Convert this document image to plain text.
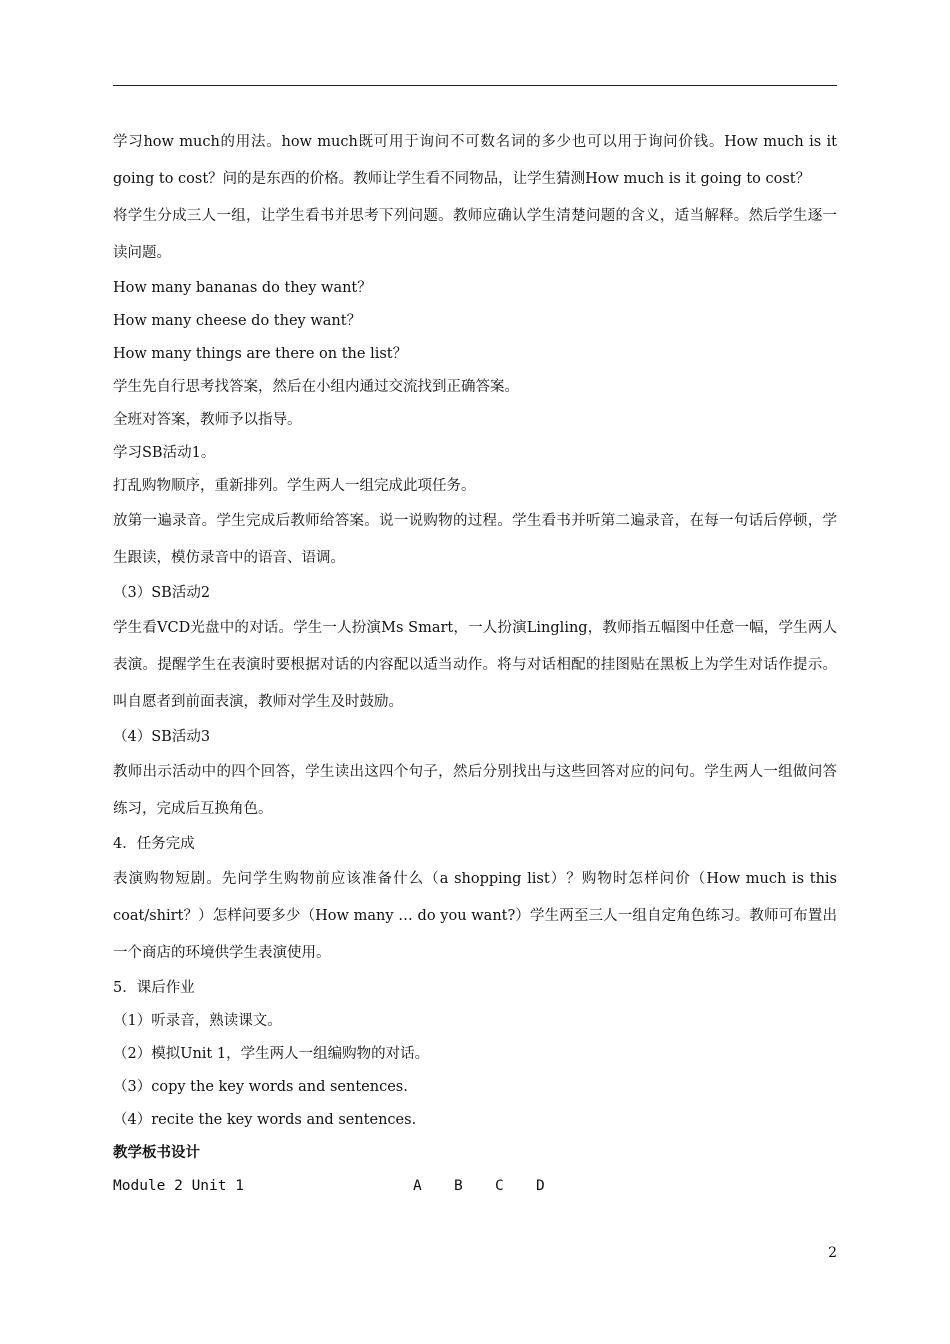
学习how much的用法。how much既可用于询问不可数名词的多少也可以用于询问价钱。How much is it going to cost？问的是东西的价格。教师让学生看不同物品，让学生猜测How much is it going to cost？

将学生分成三人一组，让学生看书并思考下列问题。教师应确认学生清楚问题的含义，适当解释。然后学生逐一读问题。

How many bananas do they want？

How many cheese do they want？

How many things are there on the list？

学生先自行思考找答案，然后在小组内通过交流找到正确答案。

全班对答案，教师予以指导。

学习SB活动1。

打乱购物顺序，重新排列。学生两人一组完成此项任务。

放第一遍录音。学生完成后教师给答案。说一说购物的过程。学生看书并听第二遍录音，在每一句话后停顿，学生跟读，模仿录音中的语音、语调。

（3）SB活动2

学生看VCD光盘中的对话。学生一人扮演Ms Smart，一人扮演Lingling，教师指五幅图中任意一幅，学生两人表演。提醒学生在表演时要根据对话的内容配以适当动作。将与对话相配的挂图贴在黑板上为学生对话作提示。叫自愿者到前面表演，教师对学生及时鼓励。

（4）SB活动3

教师出示活动中的四个回答，学生读出这四个句子，然后分别找出与这些回答对应的问句。学生两人一组做问答练习，完成后互换角色。

4．任务完成

表演购物短剧。先问学生购物前应该准备什么（a shopping list）？购物时怎样问价（How much is this coat/shirt？）怎样问要多少（How many … do you want?）学生两至三人一组自定角色练习。教师可布置出一个商店的环境供学生表演使用。

5．课后作业

（1）听录音，熟读课文。

（2）模拟Unit 1，学生两人一组编购物的对话。

（3）copy the key words and sentences.

（4）recite the key words and sentences.

教学板书设计

Module 2 Unit 1	A	B	C	D
2
